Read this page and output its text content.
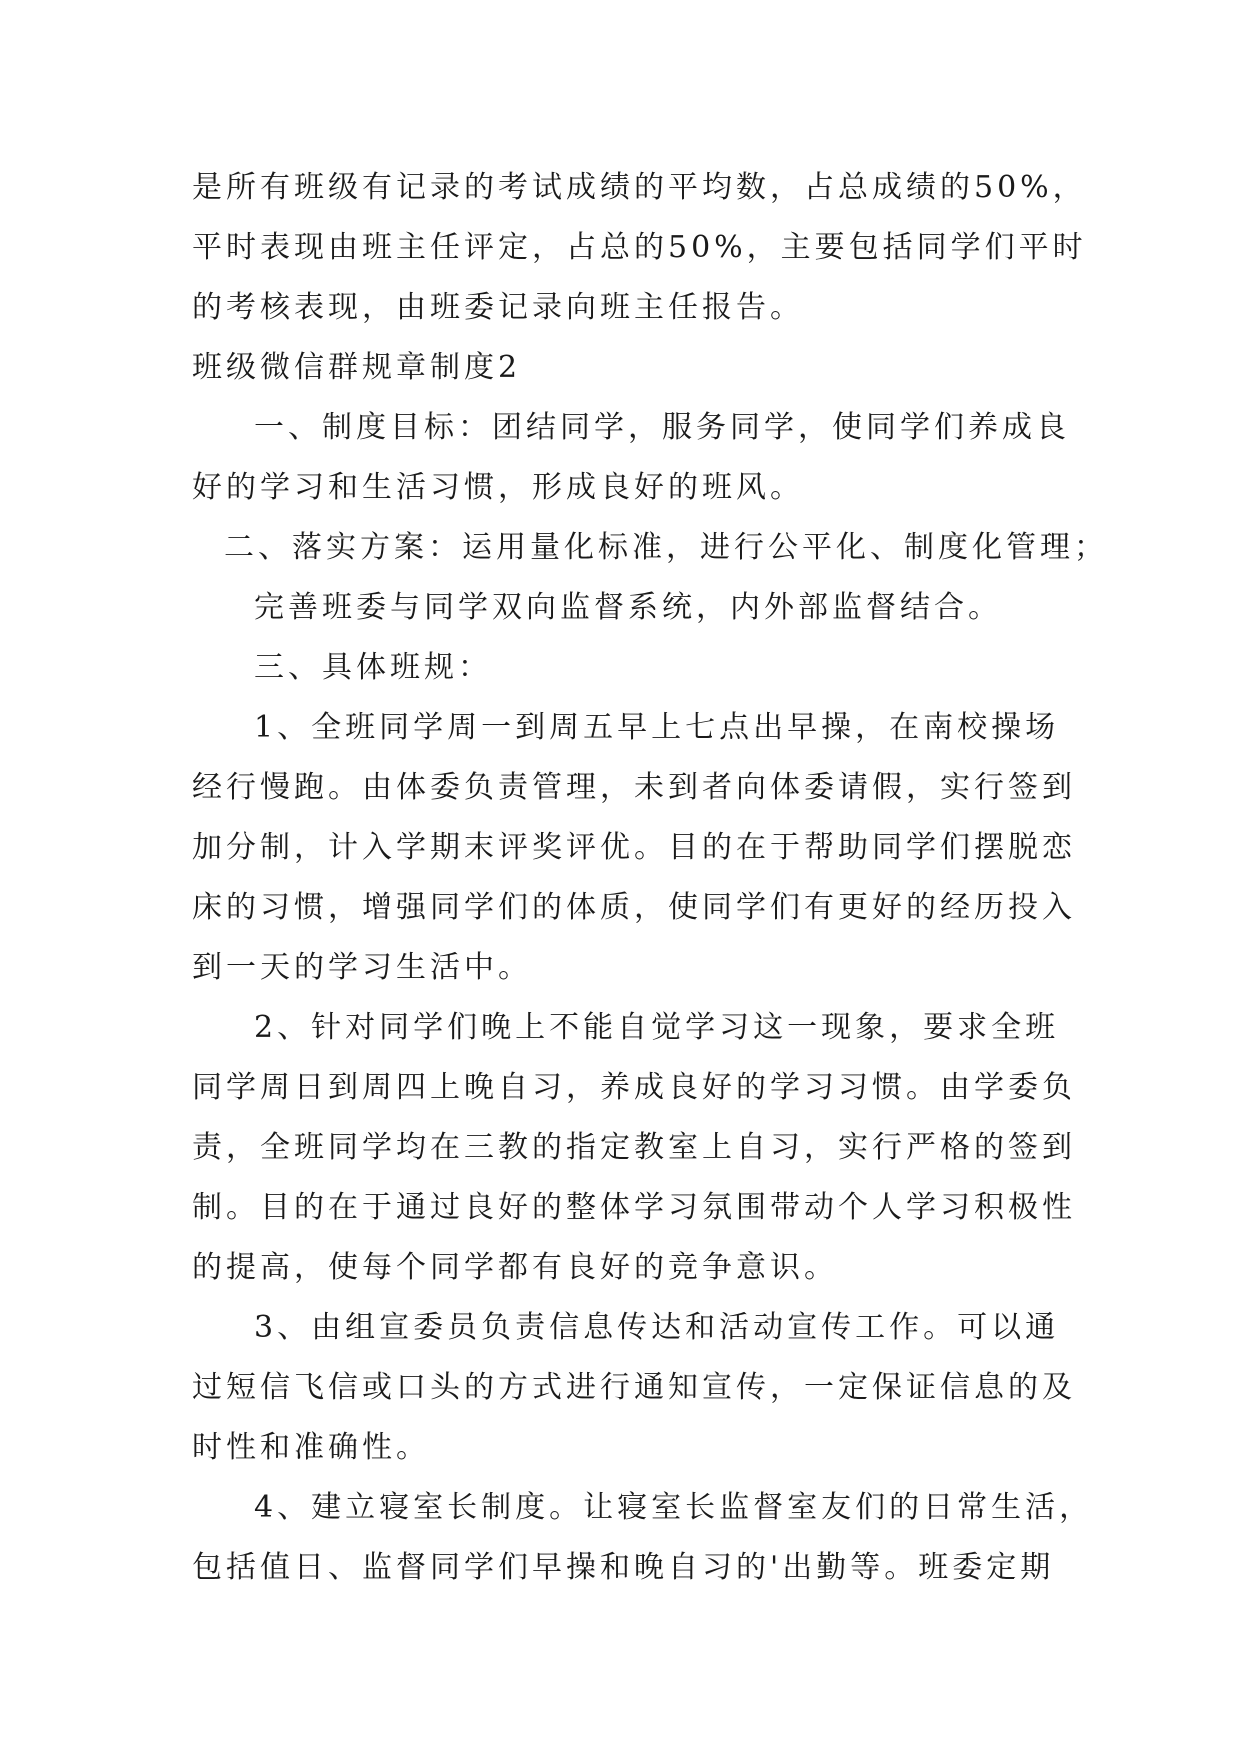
是所有班级有记录的考试成绩的平均数，占总成绩的50%，
平时表现由班主任评定，占总的50%，主要包括同学们平时
的考核表现，由班委记录向班主任报告。
班级微信群规章制度2
一、制度目标：团结同学，服务同学，使同学们养成良
好的学习和生活习惯，形成良好的班风。
二、落实方案：运用量化标准，进行公平化、制度化管理；
完善班委与同学双向监督系统，内外部监督结合。
三、具体班规：
1、全班同学周一到周五早上七点出早操，在南校操场
经行慢跑。由体委负责管理，未到者向体委请假，实行签到
加分制，计入学期末评奖评优。目的在于帮助同学们摆脱恋
床的习惯，增强同学们的体质，使同学们有更好的经历投入
到一天的学习生活中。
2、针对同学们晚上不能自觉学习这一现象，要求全班
同学周日到周四上晚自习，养成良好的学习习惯。由学委负
责，全班同学均在三教的指定教室上自习，实行严格的签到
制。目的在于通过良好的整体学习氛围带动个人学习积极性
的提高，使每个同学都有良好的竞争意识。
3、由组宣委员负责信息传达和活动宣传工作。可以通
过短信飞信或口头的方式进行通知宣传，一定保证信息的及
时性和准确性。
4、建立寝室长制度。让寝室长监督室友们的日常生活，
包括值日、监督同学们早操和晚自习的'出勤等。班委定期
